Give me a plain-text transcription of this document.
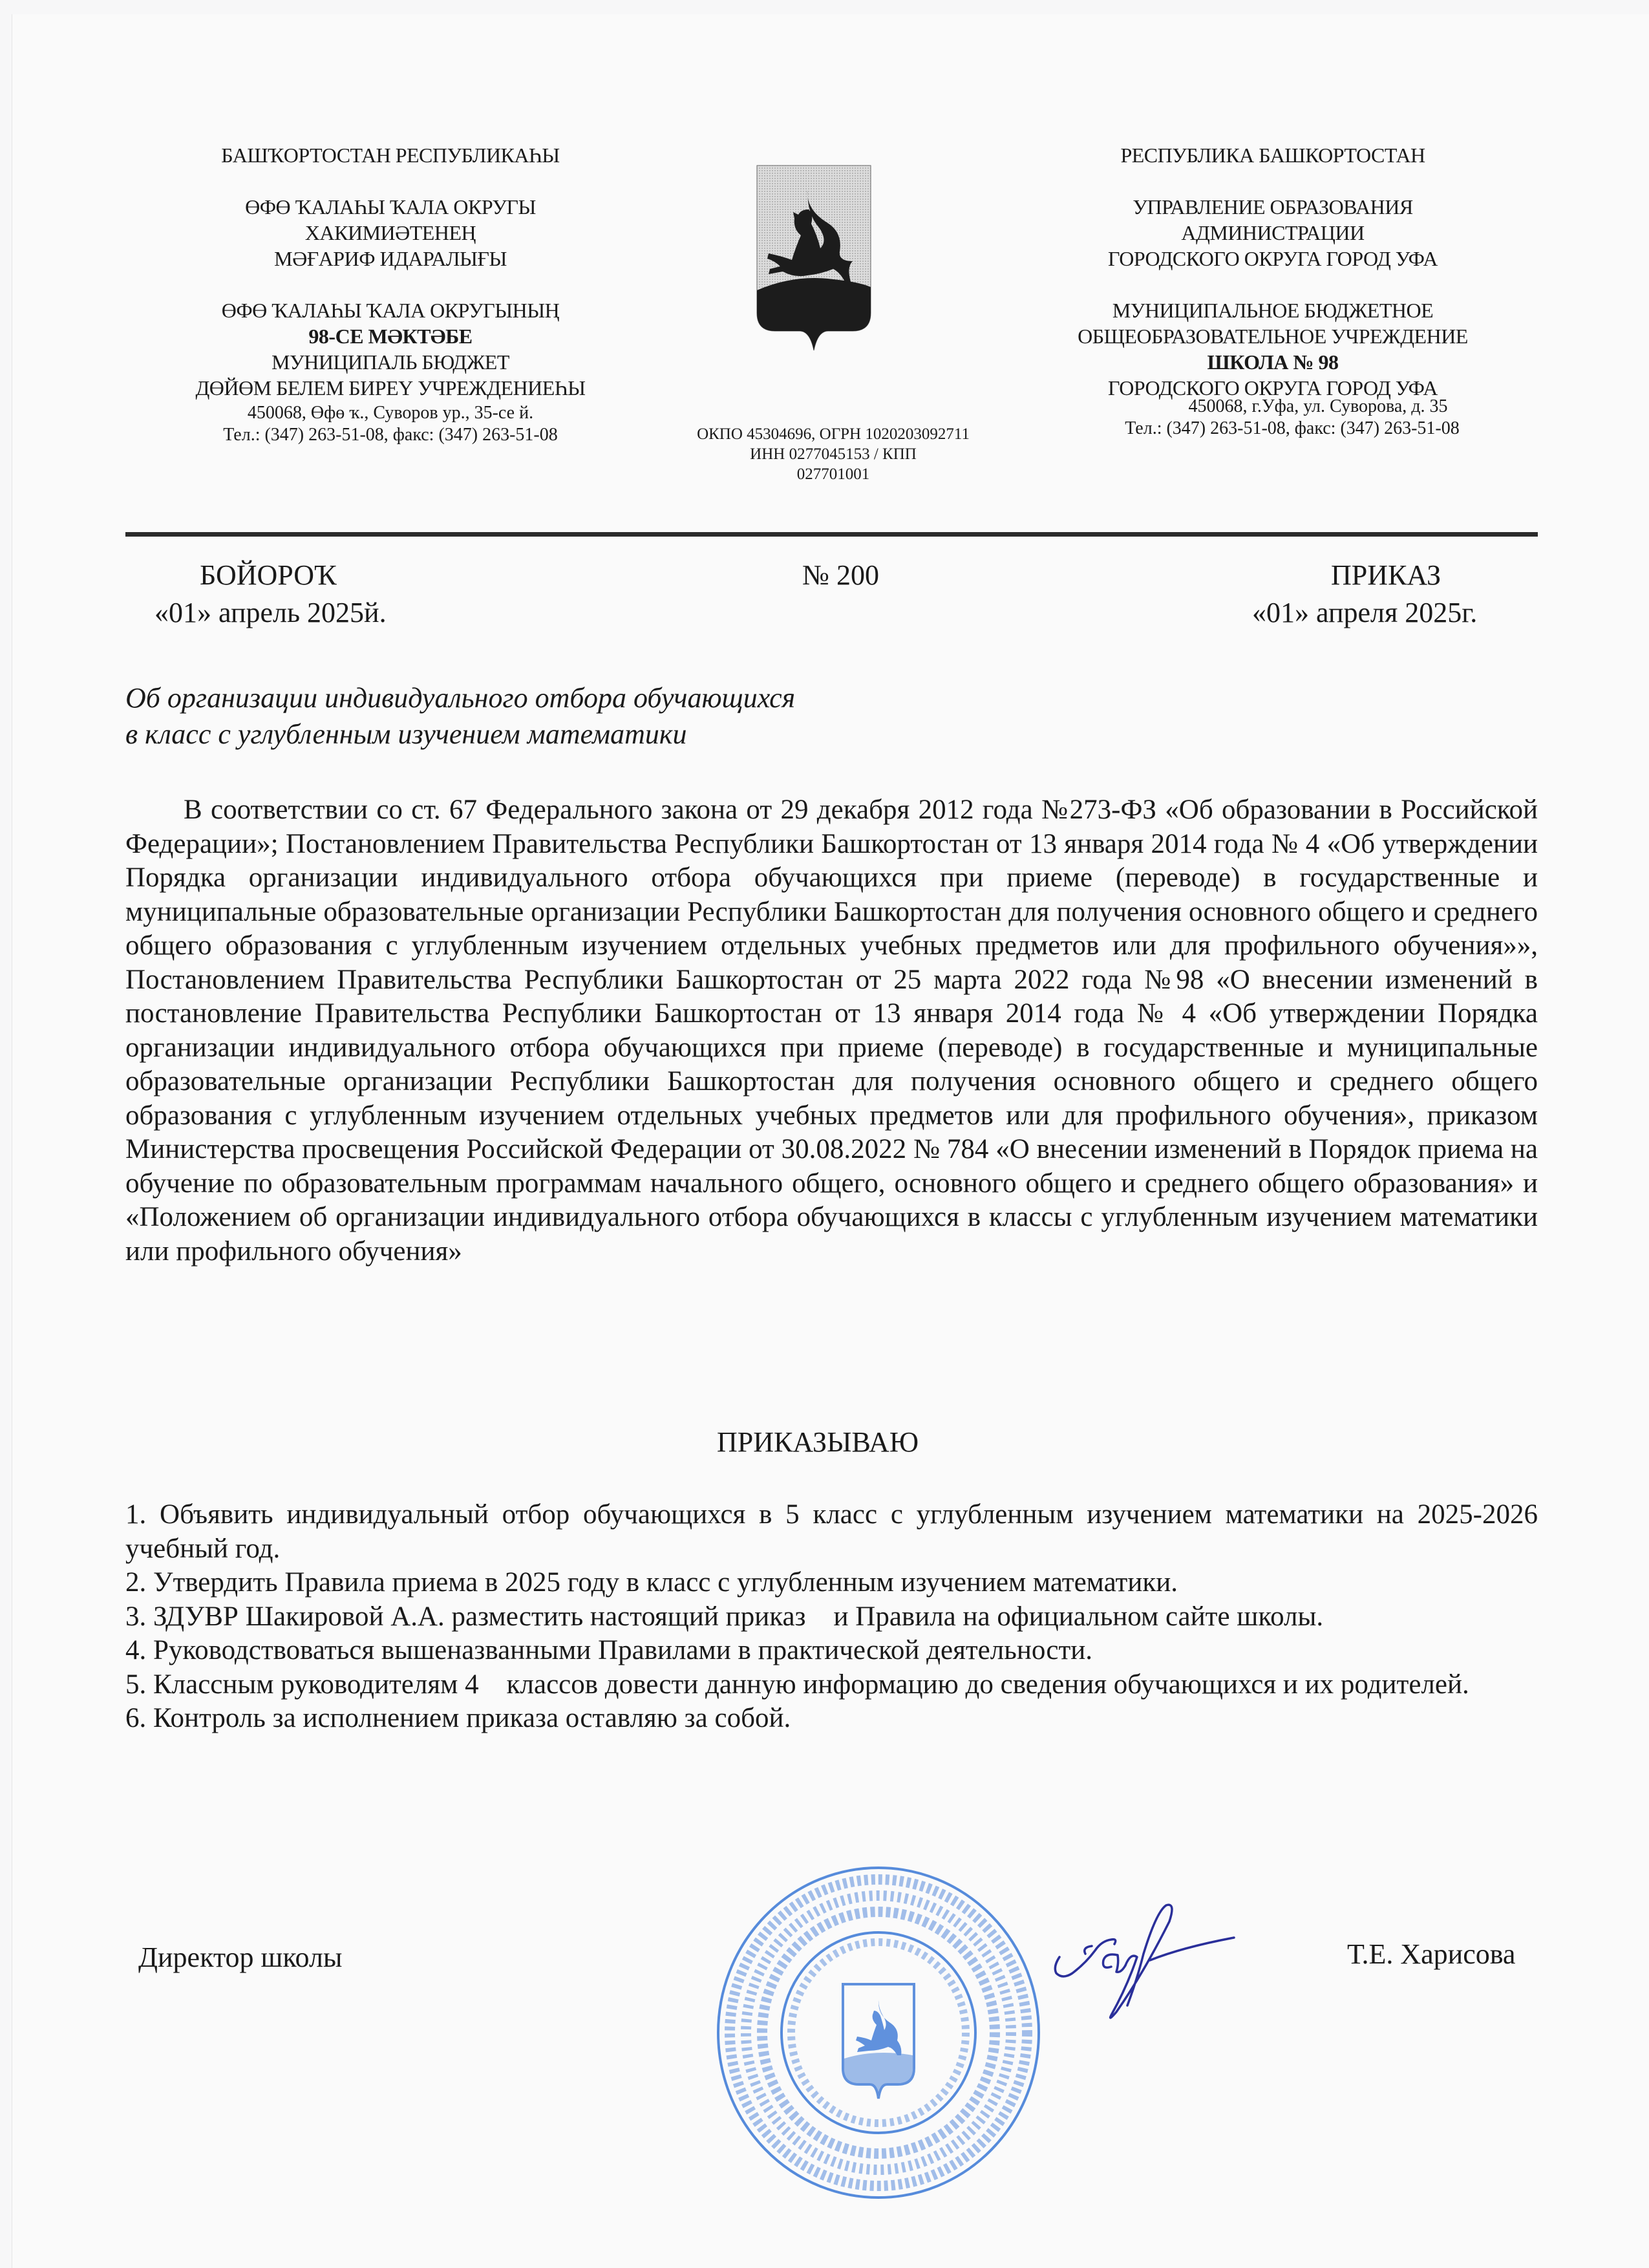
БАШҠОРТОСТАН РЕСПУБЛИКАҺЫ
ӨФӨ ҠАЛАҺЫ ҠАЛА ОКРУГЫ
ХАКИМИӘТЕНЕҢ
МӘҒАРИФ ИДАРАЛЫҒЫ
ӨФӨ ҠАЛАҺЫ ҠАЛА ОКРУГЫНЫҢ
98-СЕ МӘКТӘБЕ
МУНИЦИПАЛЬ БЮДЖЕТ
ДӨЙӨМ БЕЛЕМ БИРЕҮ УЧРЕЖДЕНИЕҺЫ
450068, Өфө ҡ., Суворов ур., 35-се й.
Тел.: (347) 263-51-08, факс: (347) 263-51-08	ОКПО 45304696, ОГРН 1020203092711
ИНН 0277045153 / КПП
027701001
РЕСПУБЛИКА БАШКОРТОСТАН
УПРАВЛЕНИЕ ОБРАЗОВАНИЯ
АДМИНИСТРАЦИИ
ГОРОДСКОГО ОКРУГА ГОРОД УФА
МУНИЦИПАЛЬНОЕ БЮДЖЕТНОЕ
ОБЩЕОБРАЗОВАТЕЛЬНОЕ УЧРЕЖДЕНИЕ
ШКОЛА № 98
ГОРОДСКОГО ОКРУГА ГОРОД УФА
450068, г.Уфа, ул. Суворова, д. 35
Тел.: (347) 263-51-08, факс: (347) 263-51-08
БОЙОРОҠ
«01» апрель 2025й.
№ 200	ПРИКАЗ
«01» апреля 2025г.
Об организации индивидуального отбора обучающихся
в класс с углубленным изучением математики

В соответствии со ст. 67 Федерального закона от 29 декабря 2012 года №273-ФЗ «Об образовании в Российской Федерации»; Постановлением Правительства Республики Башкортостан от 13 января 2014 года № 4 «Об утверждении Порядка организации индивидуального отбора обучающихся при приеме (переводе) в государственные и муниципальные образовательные организации Республики Башкортостан для получения основного общего и среднего общего образования с углубленным изучением отдельных учебных предметов или для профильного обучения»», Постановлением Правительства Республики Башкортостан от 25 марта 2022 года №98 «О внесении изменений в постановление Правительства Республики Башкортостан от 13 января 2014 года № 4 «Об утверждении Порядка организации индивидуального отбора обучающихся при приеме (переводе) в государственные и муниципальные образовательные организации Республики Башкортостан для получения основного общего и среднего общего образования с углубленным изучением отдельных учебных предметов или для профильного обучения», приказом Министерства просвещения Российской Федерации от 30.08.2022 № 784 «О внесении изменений в Порядок приема на обучение по образовательным программам начального общего, основного общего и среднего общего образования» и «Положением об организации индивидуального отбора обучающихся в классы с углубленным изучением математики или профильного обучения»

ПРИКАЗЫВАЮ
1. Объявить индивидуальный отбор обучающихся в 5 класс с углубленным изучением математики на 2025-2026 учебный год.
2. Утвердить Правила приема в 2025 году в класс с углубленным изучением математики.
3. ЗДУВР Шакировой А.А. разместить настоящий приказ    и Правила на официальном сайте школы.
4. Руководствоваться вышеназванными Правилами в практической деятельности.
5. Классным руководителям 4    классов довести данную информацию до сведения обучающихся и их родителей.
6. Контроль за исполнением приказа оставляю за собой.
Директор школы	Т.Е. Харисова
